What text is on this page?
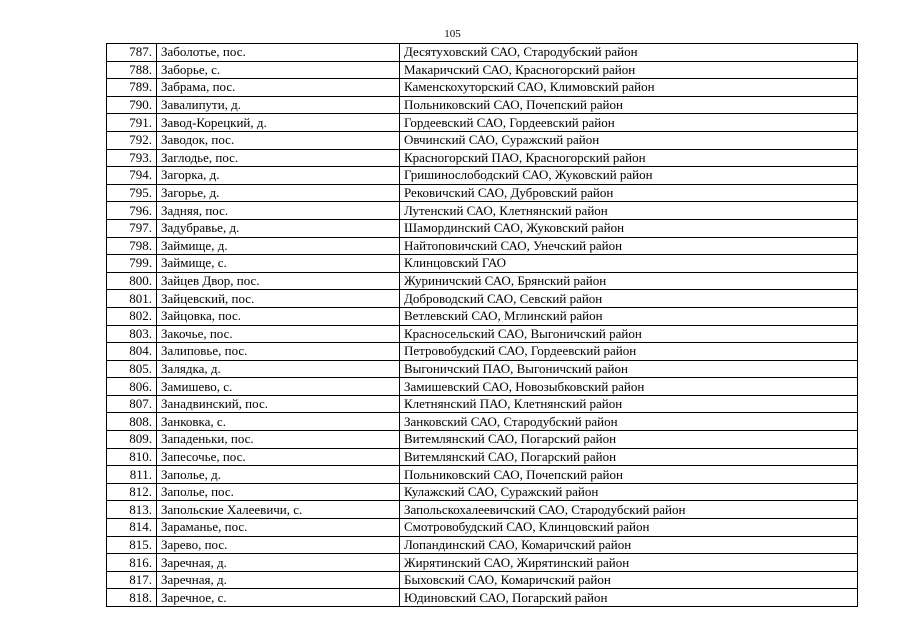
105
787.	Заболотье, пос.	Десятуховский САО, Стародубский район
788.	Заборье, с.	Макаричский САО, Красногорский район
789.	Забрама, пос.	Каменскохуторский САО, Климовский район
790.	Завалипути, д.	Польниковский САО, Почепский район
791.	Завод-Корецкий, д.	Гордеевский САО, Гордеевский район
792.	Заводок, пос.	Овчинский САО, Суражский район
793.	Заглодье, пос.	Красногорский ПАО, Красногорский район
794.	Загорка, д.	Гришинослободский САО, Жуковский район
795.	Загорье, д.	Рековичский САО, Дубровский район
796.	Задняя, пос.	Лутенский САО, Клетнянский район
797.	Задубравье, д.	Шамординский САО, Жуковский район
798.	Займище, д.	Найтоповичский САО, Унечский район
799.	Займище, с.	Клинцовский ГАО
800.	Зайцев Двор, пос.	Журиничский САО, Брянский район
801.	Зайцевский, пос.	Доброводский САО, Севский район
802.	Зайцовка, пос.	Ветлевский САО, Мглинский район
803.	Закочье, пос.	Красносельский САО, Выгоничский район
804.	Залиповье, пос.	Петровобудский САО, Гордеевский район
805.	Залядка, д.	Выгоничский ПАО, Выгоничский район
806.	Замишево, с.	Замишевский САО, Новозыбковский район
807.	Занадвинский, пос.	Клетнянский ПАО, Клетнянский район
808.	Занковка, с.	Занковский САО, Стародубский район
809.	Западеньки, пос.	Витемлянский САО, Погарский район
810.	Запесочье, пос.	Витемлянский САО, Погарский район
811.	Заполье, д.	Польниковский САО, Почепский район
812.	Заполье, пос.	Кулажский САО, Суражский район
813.	Запольские Халеевичи, с.	Запольскохалеевичский САО, Стародубский район
814.	Зараманье, пос.	Смотровобудский САО, Клинцовский район
815.	Зарево, пос.	Лопандинский САО, Комаричский район
816.	Заречная, д.	Жирятинский САО, Жирятинский район
817.	Заречная, д.	Быховский САО, Комаричский район
818.	Заречное, с.	Юдиновский САО, Погарский район
